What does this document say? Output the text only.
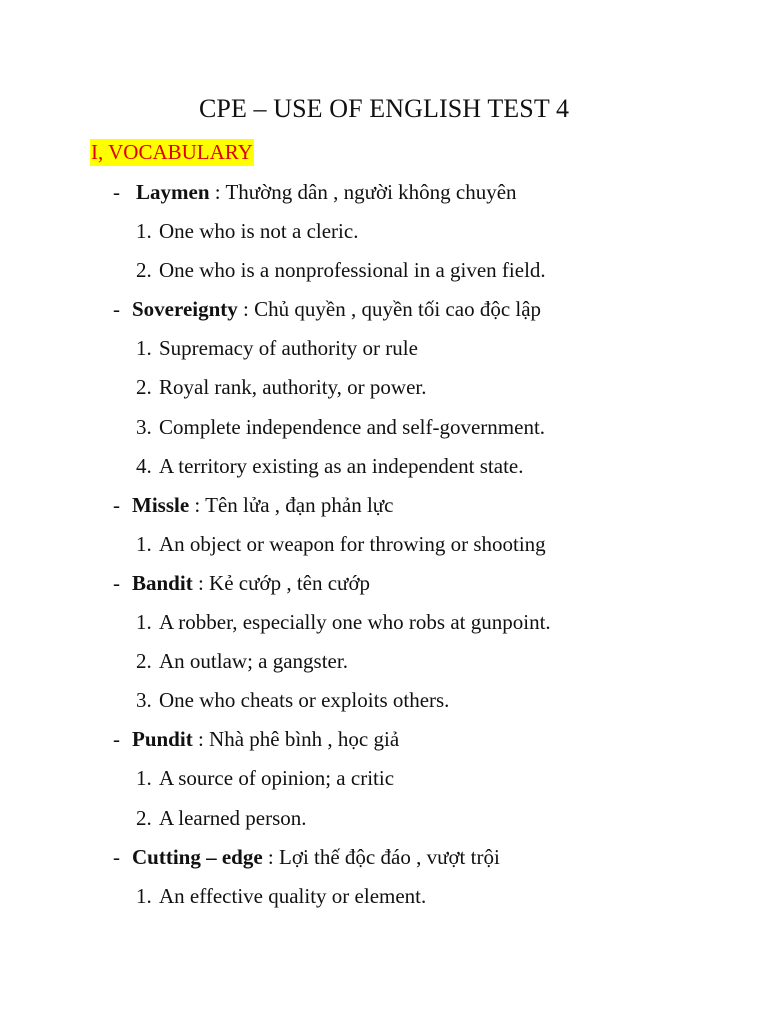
CPE – USE OF ENGLISH TEST 4
I, VOCABULARY
- Laymen : Thường dân , người không chuyên
1. One who is not a cleric.
2. One who is a nonprofessional in a given field.
- Sovereignty : Chủ quyền , quyền tối cao độc lập
1. Supremacy of authority or rule
2. Royal rank, authority, or power.
3. Complete independence and self-government.
4. A territory existing as an independent state.
- Missle : Tên lửa , đạn phản lực
1. An object or weapon for throwing or shooting
- Bandit : Kẻ cướp , tên cướp
1. A robber, especially one who robs at gunpoint.
2. An outlaw; a gangster.
3. One who cheats or exploits others.
- Pundit : Nhà phê bình , học giả
1. A source of opinion; a critic
2. A learned person.
- Cutting – edge : Lợi thế độc đáo , vượt trội
1. An effective quality or element.
